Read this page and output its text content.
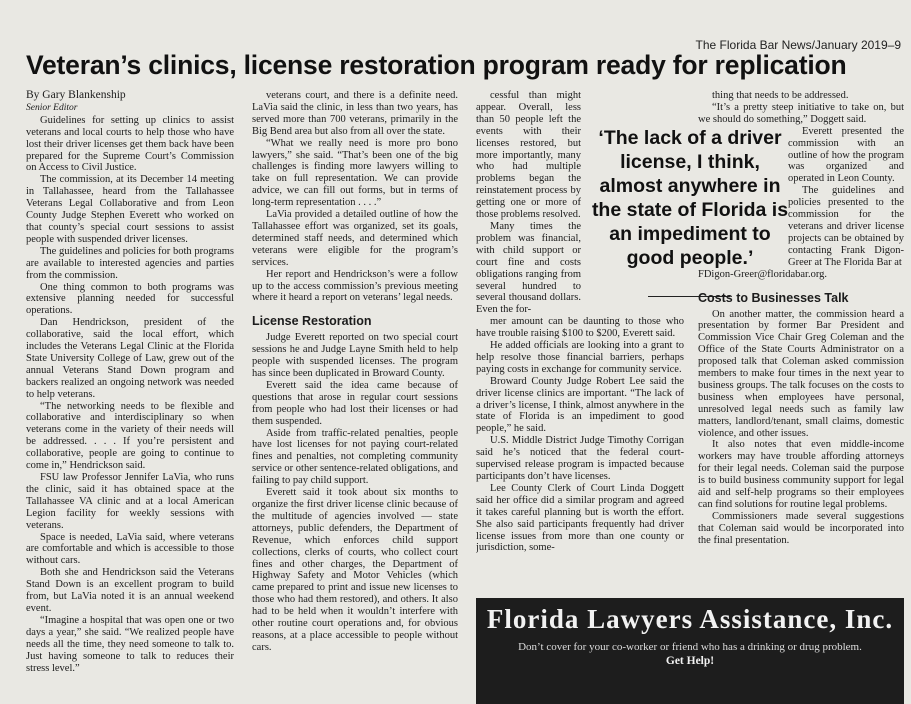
The Florida Bar News/January 2019–9
Veteran’s clinics, license restoration program ready for replication

By Gary Blankenship

Senior Editor

Guidelines for setting up clinics to assist veterans and local courts to help those who have lost their driver licenses get them back have been prepared for the Supreme Court’s Commission on Access to Civil Justice.

The commission, at its December 14 meeting in Tallahassee, heard from the Tallahassee Veterans Legal Collaborative and from Leon County Judge Stephen Everett who worked on that county’s special court sessions to assist people with suspended driver licenses.

The guidelines and policies for both programs are available to interested agencies and parties from the commission.

One thing common to both programs was extensive planning needed for successful operations.

Dan Hendrickson, president of the collaborative, said the local effort, which includes the Veterans Legal Clinic at the Florida State University College of Law, grew out of the annual Veterans Stand Down program and backers realized an ongoing network was needed to help veterans.

“The networking needs to be flexible and collaborative and interdisciplinary so when veterans come in the variety of their needs will be addressed. . . . If you’re persistent and collaborative, people are going to continue to come in,” Hendrickson said.

FSU law Professor Jennifer LaVia, who runs the clinic, said it has obtained space at the Tallahassee VA clinic and at a local American Legion facility for weekly sessions with veterans.

Space is needed, LaVia said, where veterans are comfortable and which is accessible to those without cars.

Both she and Hendrickson said the Veterans Stand Down is an excellent program to build from, but LaVia noted it is an annual weekend event.

“Imagine a hospital that was open one or two days a year,” she said. “We realized people have needs all the time, they need someone to talk to. Just having someone to talk to reduces their stress level.”

veterans court, and there is a definite need. LaVia said the clinic, in less than two years, has served more than 700 veterans, primarily in the Big Bend area but also from all over the state.

“What we really need is more pro bono lawyers,” she said. “That’s been one of the big challenges is finding more lawyers willing to take on full representation. We can provide advice, we can fill out forms, but in terms of long-term representation . . . .”

LaVia provided a detailed outline of how the Tallahassee effort was organized, set its goals, determined staff needs, and determined which veterans were eligible for the program’s services.

Her report and Hendrickson’s were a follow up to the access commission’s previous meeting where it heard a report on veterans’ legal needs.

License Restoration

Judge Everett reported on two special court sessions he and Judge Layne Smith held to help people with suspended licenses. The program has since been duplicated in Broward County.

Everett said the idea came because of questions that arose in regular court sessions from people who had lost their licenses or had them suspended.

Aside from traffic-related penalties, people have lost licenses for not paying court-related fines and penalties, not completing community service or other sentence-related obligations, and failing to pay child support.

Everett said it took about six months to organize the first driver license clinic because of the multitude of agencies involved — state attorneys, public defenders, the Department of Revenue, which enforces child support collections, clerks of courts, who collect court fines and other charges, the Department of Highway Safety and Motor Vehicles (which came prepared to print and issue new licenses to those who had them restored), and others. It also had to be held when it wouldn’t interfere with other routine court operations and, for obvious reasons, at a place accessible to people without cars.

cessful than might appear. Overall, less than 50 people left the events with their licenses restored, but more importantly, many who had multiple problems began the reinstatement process by getting one or more of those problems resolved.

Many times the problem was financial, with child support or court fine and costs obligations ranging from several hundred to several thousand dollars. Even the for-

mer amount can be daunting to those who have trouble raising $100 to $200, Everett said.

He added officials are looking into a grant to help resolve those financial barriers, perhaps paying costs in exchange for community service.

Broward County Judge Robert Lee said the driver license clinics are important. “The lack of a driver’s license, I think, almost anywhere in the state of Florida is an impediment to good people,” he said.

U.S. Middle District Judge Timothy Corrigan said he’s noticed that the federal court-supervised release program is impacted because participants don’t have licenses.

Lee County Clerk of Court Linda Doggett said her office did a similar program and agreed it takes careful planning but is worth the effort. She also said participants frequently had driver license issues from more than one county or jurisdiction, some-

‘The lack of a driver license, I think, almost anywhere in the state of Florida is an impediment to good people.’

thing that needs to be addressed.

“It’s a pretty steep initiative to take on, but we should do something,” Doggett said.

Everett presented the commission with an outline of how the program was organized and operated in Leon County.

The guidelines and policies presented to the commission for the veterans and driver license projects can be obtained by contacting Frank Digon-Greer at The Florida Bar at

FDigon-Greer@floridabar.org.

Costs to Businesses Talk

On another matter, the commission heard a presentation by former Bar President and Commission Vice Chair Greg Coleman and the Office of the State Courts Administrator on a proposed talk that Coleman asked commission members to make four times in the next year to business groups. The talk focuses on the costs to business when employees have personal, unresolved legal needs such as family law matters, landlord/tenant, small claims, domestic violence, and other issues.

It also notes that even middle-income workers may have trouble affording attorneys for their legal needs. Coleman said the purpose is to build business community support for legal aid and self-help programs so their employees can find solutions for routine legal problems.

Commissioners made several suggestions that Coleman said would be incorporated into the final presentation.

Florida Lawyers Assistance, Inc.
Don’t cover for your co-worker or friend who has a drinking or drug problem.
Get Help!
